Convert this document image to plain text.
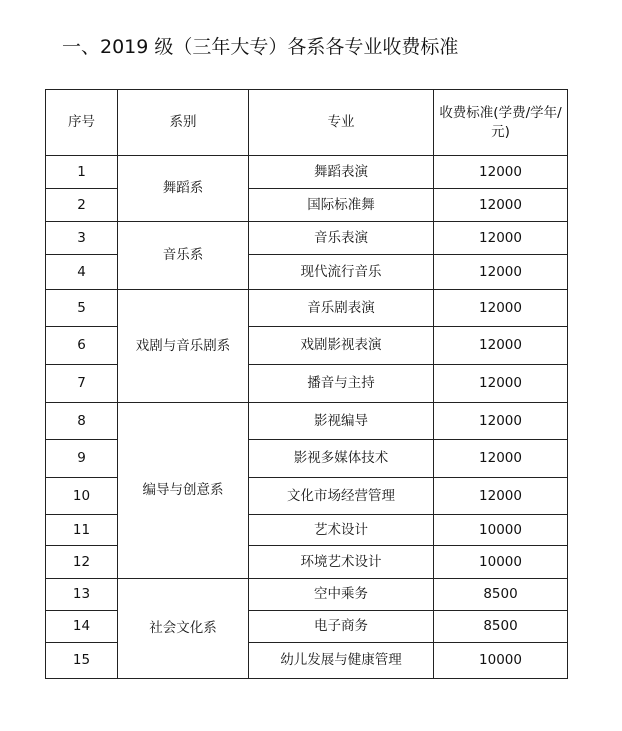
一、2019 级（三年大专）各系各专业收费标准
序号	系别	专业	收费标准(学费/学年/元)
1	舞蹈系	舞蹈表演	12000
2		国际标准舞	12000
3	音乐系	音乐表演	12000
4		现代流行音乐	12000
5	戏剧与音乐剧系	音乐剧表演	12000
6		戏剧影视表演	12000
7		播音与主持	12000
8	编导与创意系	影视编导	12000
9		影视多媒体技术	12000
10		文化市场经营管理	12000
11		艺术设计	10000
12		环境艺术设计	10000
13	社会文化系	空中乘务	8500
14		电子商务	8500
15		幼儿发展与健康管理	10000
